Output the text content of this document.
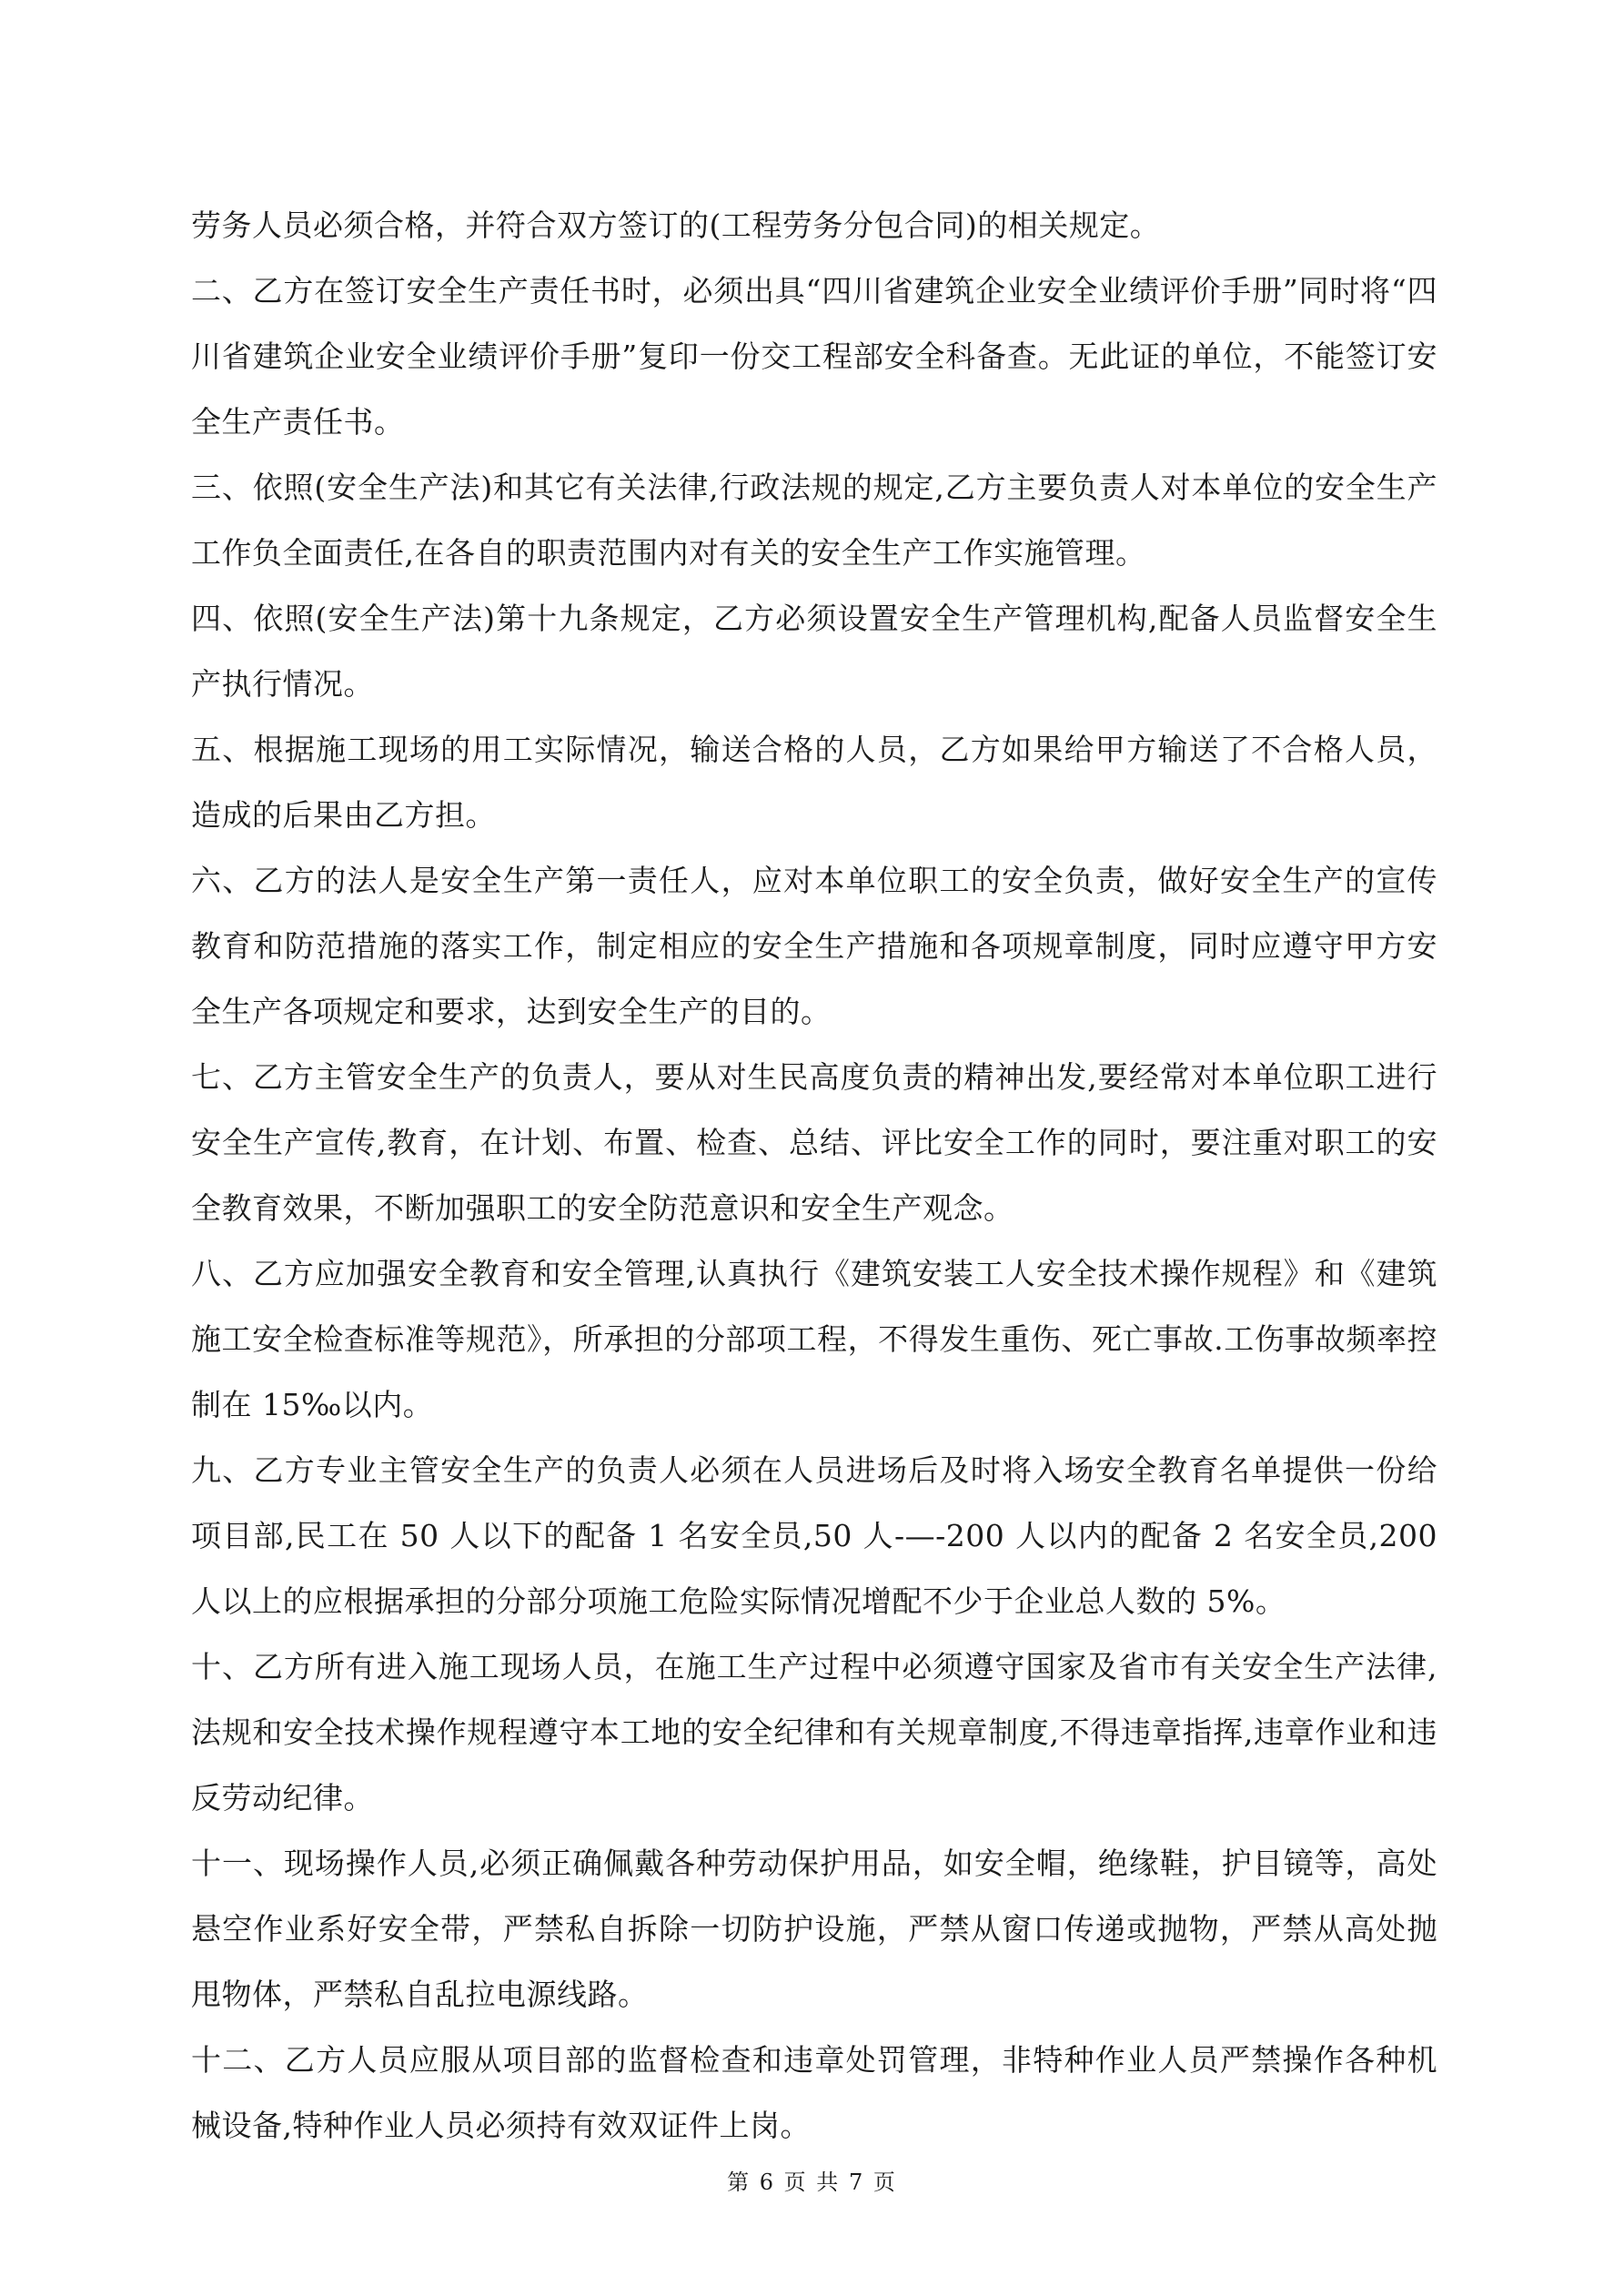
劳务人员必须合格，并符合双方签订的(工程劳务分包合同)的相关规定。

二、乙方在签订安全生产责任书时，必须出具“四川省建筑企业安全业绩评价手册”同时将“四川省建筑企业安全业绩评价手册”复印一份交工程部安全科备查。无此证的单位，不能签订安全生产责任书。

三、依照(安全生产法)和其它有关法律,行政法规的规定,乙方主要负责人对本单位的安全生产工作负全面责任,在各自的职责范围内对有关的安全生产工作实施管理。

四、依照(安全生产法)第十九条规定，乙方必须设置安全生产管理机构,配备人员监督安全生产执行情况。

五、根据施工现场的用工实际情况，输送合格的人员，乙方如果给甲方输送了不合格人员，造成的后果由乙方担。

六、乙方的法人是安全生产第一责任人，应对本单位职工的安全负责，做好安全生产的宣传教育和防范措施的落实工作，制定相应的安全生产措施和各项规章制度，同时应遵守甲方安全生产各项规定和要求，达到安全生产的目的。

七、乙方主管安全生产的负责人，要从对生民高度负责的精神出发,要经常对本单位职工进行安全生产宣传,教育，在计划、布置、检查、总结、评比安全工作的同时，要注重对职工的安全教育效果，不断加强职工的安全防范意识和安全生产观念。

八、乙方应加强安全教育和安全管理,认真执行《建筑安装工人安全技术操作规程》和《建筑施工安全检查标准等规范》，所承担的分部项工程，不得发生重伤、死亡事故.工伤事故频率控制在 15‰以内。

九、乙方专业主管安全生产的负责人必须在人员进场后及时将入场安全教育名单提供一份给项目部,民工在 50 人以下的配备 1 名安全员,50 人-—-200 人以内的配备 2 名安全员,200 人以上的应根据承担的分部分项施工危险实际情况增配不少于企业总人数的 5%。

十、乙方所有进入施工现场人员，在施工生产过程中必须遵守国家及省市有关安全生产法律,法规和安全技术操作规程遵守本工地的安全纪律和有关规章制度,不得违章指挥,违章作业和违反劳动纪律。

十一、现场操作人员,必须正确佩戴各种劳动保护用品，如安全帽，绝缘鞋，护目镜等，高处悬空作业系好安全带，严禁私自拆除一切防护设施，严禁从窗口传递或抛物，严禁从高处抛甩物体，严禁私自乱拉电源线路。

十二、乙方人员应服从项目部的监督检查和违章处罚管理，非特种作业人员严禁操作各种机械设备,特种作业人员必须持有效双证件上岗。

第 6 页 共 7 页
